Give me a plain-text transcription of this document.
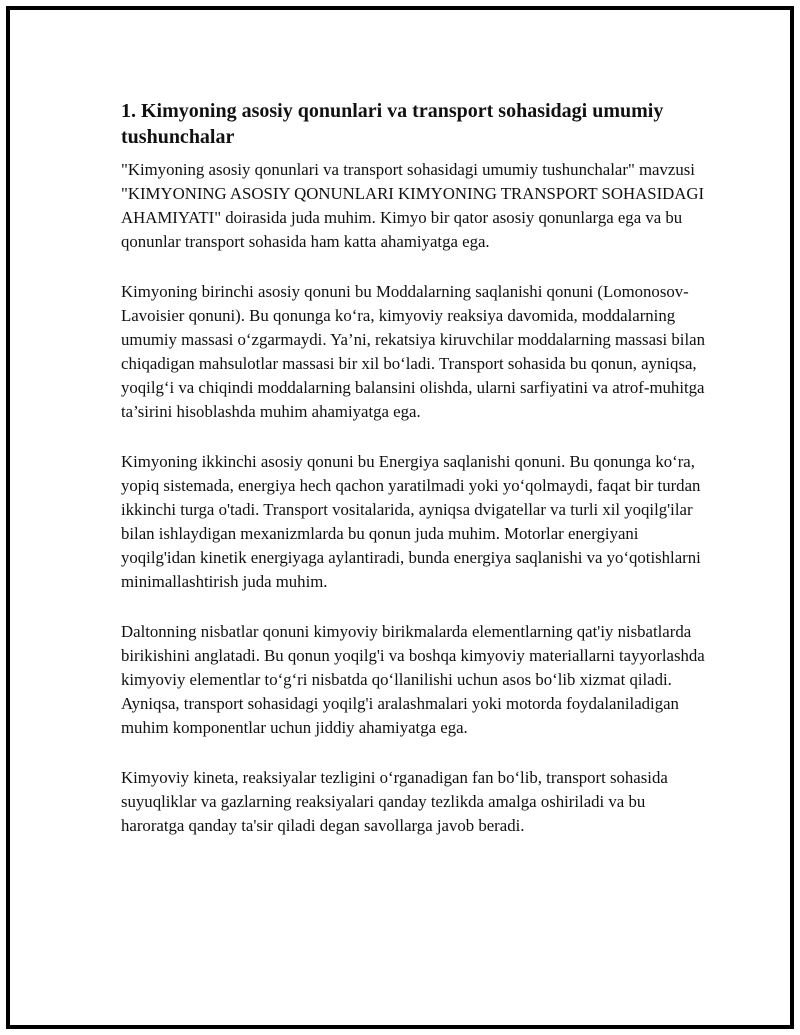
1. Kimyoning asosiy qonunlari va transport sohasidagi umumiy tushunchalar

"Kimyoning asosiy qonunlari va transport sohasidagi umumiy tushunchalar" mavzusi "KIMYONING ASOSIY QONUNLARI KIMYONING TRANSPORT SOHASIDAGI AHAMIYATI" doirasida juda muhim. Kimyo bir qator asosiy qonunlarga ega va bu qonunlar transport sohasida ham katta ahamiyatga ega.

Kimyoning birinchi asosiy qonuni bu Moddalarning saqlanishi qonuni (Lomonosov-Lavoisier qonuni). Bu qonunga ko‘ra, kimyoviy reaksiya davomida, moddalarning umumiy massasi o‘zgarmaydi. Ya’ni, rekatsiya kiruvchilar moddalarning massasi bilan chiqadigan mahsulotlar massasi bir xil bo‘ladi. Transport sohasida bu qonun, ayniqsa, yoqilg‘i va chiqindi moddalarning balansini olishda, ularni sarfiyatini va atrof-muhitga ta’sirini hisoblashda muhim ahamiyatga ega.

Kimyoning ikkinchi asosiy qonuni bu Energiya saqlanishi qonuni. Bu qonunga ko‘ra, yopiq sistemada, energiya hech qachon yaratilmadi yoki yo‘qolmaydi, faqat bir turdan ikkinchi turga o'tadi. Transport vositalarida, ayniqsa dvigatellar va turli xil yoqilg'ilar bilan ishlaydigan mexanizmlarda bu qonun juda muhim. Motorlar energiyani yoqilg'idan kinetik energiyaga aylantiradi, bunda energiya saqlanishi va yo‘qotishlarni minimallashtirish juda muhim.

Daltonning nisbatlar qonuni kimyoviy birikmalarda elementlarning qat'iy nisbatlarda birikishini anglatadi. Bu qonun yoqilg'i va boshqa kimyoviy materiallarni tayyorlashda kimyoviy elementlar to‘g‘ri nisbatda qo‘llanilishi uchun asos bo‘lib xizmat qiladi. Ayniqsa, transport sohasidagi yoqilg'i aralashmalari yoki motorda foydalaniladigan muhim komponentlar uchun jiddiy ahamiyatga ega.

Kimyoviy kineta, reaksiyalar tezligini o‘rganadigan fan bo‘lib, transport sohasida suyuqliklar va gazlarning reaksiyalari qanday tezlikda amalga oshiriladi va bu haroratga qanday ta'sir qiladi degan savollarga javob beradi.
